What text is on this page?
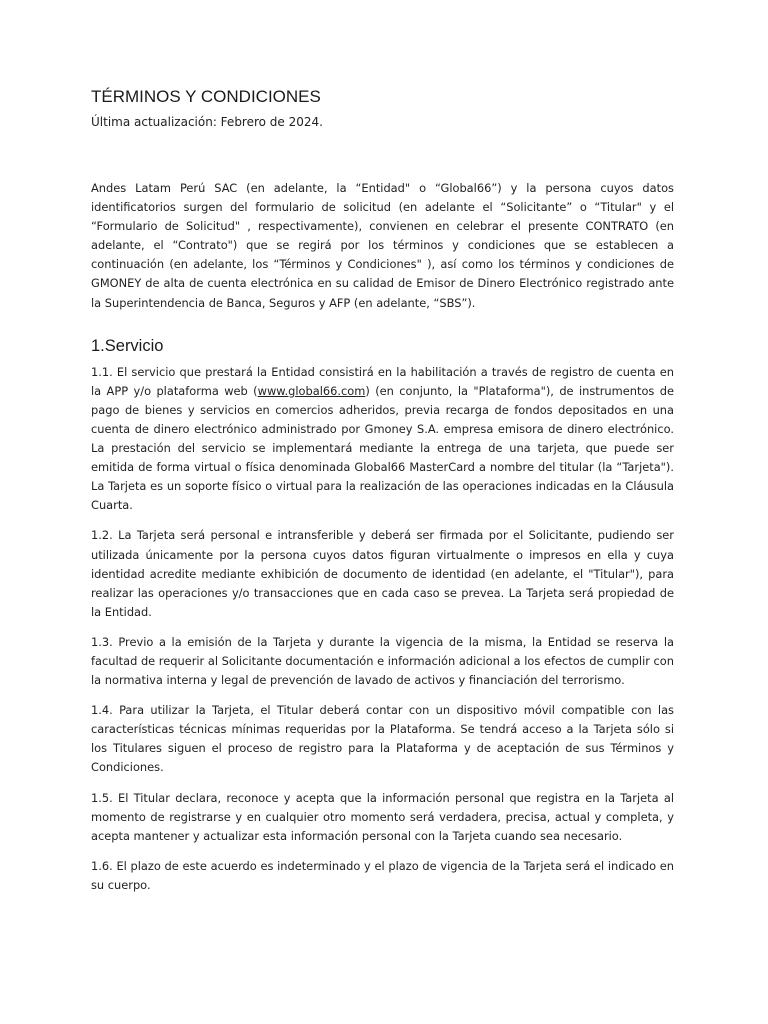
TÉRMINOS Y CONDICIONES

Última actualización: Febrero de 2024.

Andes Latam Perú SAC (en adelante, la “Entidad" o “Global66”) y la persona cuyos datos identificatorios surgen del formulario de solicitud (en adelante el “Solicitante” o “Titular" y el “Formulario de Solicitud" , respectivamente), convienen en celebrar el presente CONTRATO (en adelante, el “Contrato") que se regirá por los términos y condiciones que se establecen a continuación (en adelante, los “Términos y Condiciones" ), así como los términos y condiciones de GMONEY de alta de cuenta electrónica en su calidad de Emisor de Dinero Electrónico registrado ante la Superintendencia de Banca, Seguros y AFP (en adelante, “SBS”).

1.Servicio

1.1. El servicio que prestará la Entidad consistirá en la habilitación a través de registro de cuenta en la APP y/o plataforma web (www.global66.com) (en conjunto, la "Plataforma"), de instrumentos de pago de bienes y servicios en comercios adheridos, previa recarga de fondos depositados en una cuenta de dinero electrónico administrado por Gmoney S.A. empresa emisora de dinero electrónico. La prestación del servicio se implementará mediante la entrega de una tarjeta, que puede ser emitida de forma virtual o física denominada Global66 MasterCard a nombre del titular (la “Tarjeta"). La Tarjeta es un soporte físico o virtual para la realización de las operaciones indicadas en la Cláusula Cuarta.

1.2. La Tarjeta será personal e intransferible y deberá ser firmada por el Solicitante, pudiendo ser utilizada únicamente por la persona cuyos datos figuran virtualmente o impresos en ella y cuya identidad acredite mediante exhibición de documento de identidad (en adelante, el "Titular"), para realizar las operaciones y/o transacciones que en cada caso se prevea. La Tarjeta será propiedad de la Entidad.

1.3. Previo a la emisión de la Tarjeta y durante la vigencia de la misma, la Entidad se reserva la facultad de requerir al Solicitante documentación e información adicional a los efectos de cumplir con la normativa interna y legal de prevención de lavado de activos y financiación del terrorismo.

1.4. Para utilizar la Tarjeta, el Titular deberá contar con un dispositivo móvil compatible con las características técnicas mínimas requeridas por la Plataforma. Se tendrá acceso a la Tarjeta sólo si los Titulares siguen el proceso de registro para la Plataforma y de aceptación de sus Términos y Condiciones.

1.5. El Titular declara, reconoce y acepta que la información personal que registra en la Tarjeta al momento de registrarse y en cualquier otro momento será verdadera, precisa, actual y completa, y acepta mantener y actualizar esta información personal con la Tarjeta cuando sea necesario.

1.6. El plazo de este acuerdo es indeterminado y el plazo de vigencia de la Tarjeta será el indicado en su cuerpo.
